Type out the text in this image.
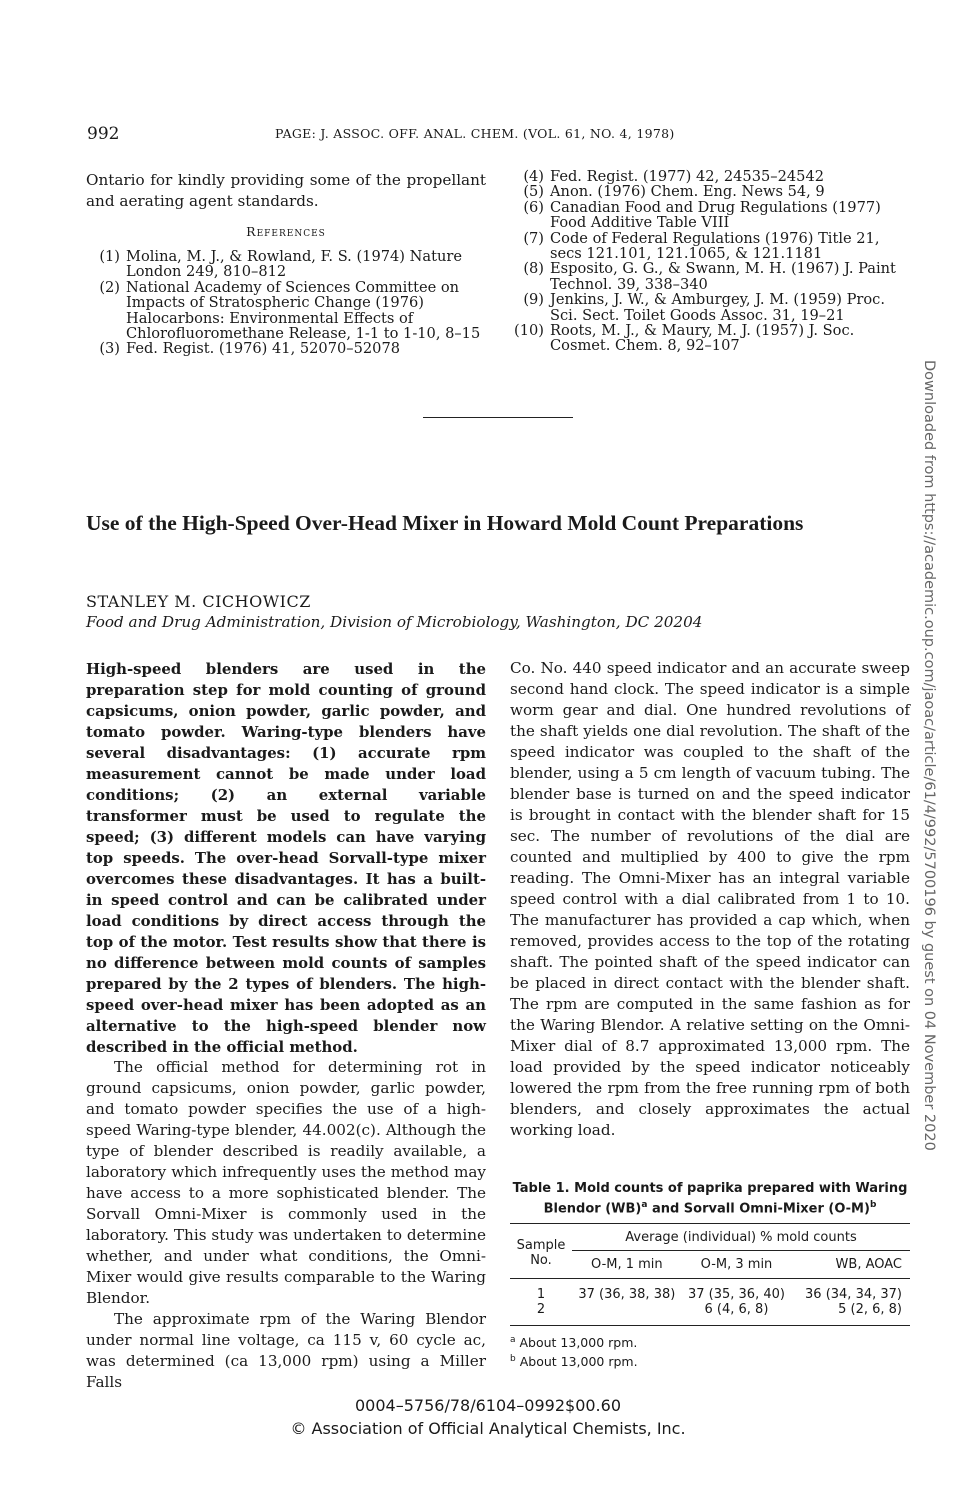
992	PAGE: J. ASSOC. OFF. ANAL. CHEM. (VOL. 61, NO. 4, 1978)
Ontario for kindly providing some of the propellant and aerating agent standards.
References

(1) Molina, M. J., & Rowland, F. S. (1974) Nature London 249, 810–812

(2) National Academy of Sciences Committee on Impacts of Stratospheric Change (1976) Halocarbons: Environmental Effects of Chlorofluoromethane Release, 1-1 to 1-10, 8–15

(3) Fed. Regist. (1976) 41, 52070–52078

(4) Fed. Regist. (1977) 42, 24535–24542

(5) Anon. (1976) Chem. Eng. News 54, 9

(6) Canadian Food and Drug Regulations (1977) Food Additive Table VIII

(7) Code of Federal Regulations (1976) Title 21, secs 121.101, 121.1065, & 121.1181

(8) Esposito, G. G., & Swann, M. H. (1967) J. Paint Technol. 39, 338–340

(9) Jenkins, J. W., & Amburgey, J. M. (1959) Proc. Sci. Sect. Toilet Goods Assoc. 31, 19–21

(10) Roots, M. J., & Maury, M. J. (1957) J. Soc. Cosmet. Chem. 8, 92–107

Use of the High-Speed Over-Head Mixer in Howard Mold Count Preparations
STANLEY M. CICHOWICZ
Food and Drug Administration, Division of Microbiology, Washington, DC 20204
High-speed blenders are used in the preparation step for mold counting of ground capsicums, onion powder, garlic powder, and tomato powder. Waring-type blenders have several disadvantages: (1) accurate rpm measurement cannot be made under load conditions; (2) an external variable transformer must be used to regulate the speed; (3) different models can have varying top speeds. The over-head Sorvall-type mixer overcomes these disadvantages. It has a built-in speed control and can be calibrated under load conditions by direct access through the top of the motor. Test results show that there is no difference between mold counts of samples prepared by the 2 types of blenders. The high-speed over-head mixer has been adopted as an alternative to the high-speed blender now described in the official method.

The official method for determining rot in ground capsicums, onion powder, garlic powder, and tomato powder specifies the use of a high-speed Waring-type blender, 44.002(c). Although the type of blender described is readily available, a laboratory which infrequently uses the method may have access to a more sophisticated blender. The Sorvall Omni-Mixer is commonly used in the laboratory. This study was undertaken to determine whether, and under what conditions, the Omni-Mixer would give results comparable to the Waring Blendor.

The approximate rpm of the Waring Blendor under normal line voltage, ca 115 v, 60 cycle ac, was determined (ca 13,000 rpm) using a Miller Falls

Co. No. 440 speed indicator and an accurate sweep second hand clock. The speed indicator is a simple worm gear and dial. One hundred revolutions of the shaft yields one dial revolution. The shaft of the speed indicator was coupled to the shaft of the blender, using a 5 cm length of vacuum tubing. The blender base is turned on and the speed indicator is brought in contact with the blender shaft for 15 sec. The number of revolutions of the dial are counted and multiplied by 400 to give the rpm reading. The Omni-Mixer has an integral variable speed control with a dial calibrated from 1 to 10. The manufacturer has provided a cap which, when removed, provides access to the top of the rotating shaft. The pointed shaft of the speed indicator can be placed in direct contact with the blender shaft. The rpm are computed in the same fashion as for the Waring Blendor. A relative setting on the Omni-Mixer dial of 8.7 approximated 13,000 rpm. The load provided by the speed indicator noticeably lowered the rpm from the free running rpm of both blenders, and closely approximates the actual working load.
Table 1. Mold counts of paprika prepared with Waring
Blendor (WB)$^a$ and Sorvall Omni-Mixer $(O-M)^b$
Sample
No.	Average (individual) % mold counts		
	O-M, 1 min	O-M, 3 min	WB, AOAC
1	37 (36, 38, 38)	37 (35, 36, 40)	36 (34, 34, 37)
2		6 (4, 6, 8)	5 (2, 6, 8)
$^a$ About 13,000 rpm.
$^b$ About 13,000 rpm.
0004–5756/78/6104–0992$00.60
© Association of Official Analytical Chemists, Inc.
Downloaded from https://academic.oup.com/jaoac/article/61/4/992/5700196 by guest on 04 November 2020
